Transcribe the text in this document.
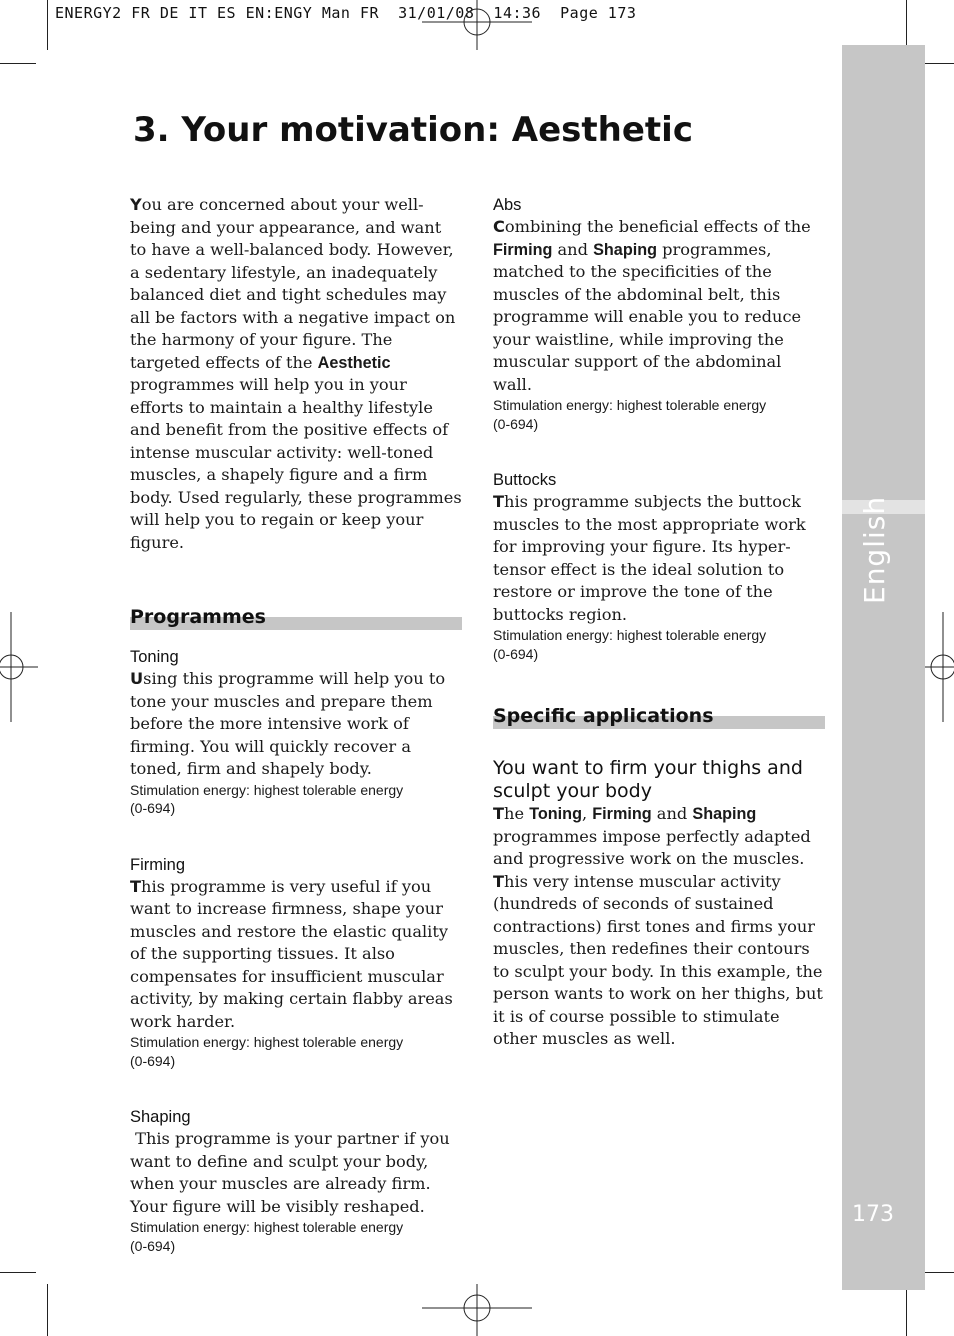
ENERGY2 FR DE IT ES EN:ENGY Man FR  31/01/08  14:36  Page 173
English
173
3. Your motivation: Aesthetic

You are concerned about your well-being and your appearance, and want to have a well-balanced body. However, a sedentary lifestyle, an inadequately balanced diet and tight schedules may all be factors with a negative impact on the harmony of your figure. The targeted effects of the Aesthetic programmes will help you in your efforts to maintain a healthy lifestyle and benefit from the positive effects of intense muscular activity: well-toned muscles, a shapely figure and a firm body. Used regularly, these programmes will help you to regain or keep your figure.

Programmes

Toning

Using this programme will help you to tone your muscles and prepare them before the more intensive work of firming. You will quickly recover a toned, firm and shapely body.

Stimulation energy: highest tolerable energy

(0-694)

Firming

This programme is very useful if you want to increase firmness, shape your muscles and restore the elastic quality of the supporting tissues. It also compensates for insufficient muscular activity, by making certain flabby areas work harder.

Stimulation energy: highest tolerable energy

(0-694)

Shaping

This programme is your partner if you want to define and sculpt your body, when your muscles are already firm. Your figure will be visibly reshaped.

Stimulation energy: highest tolerable energy

(0-694)

Abs

Combining the beneficial effects of the Firming and Shaping programmes, matched to the specificities of the muscles of the abdominal belt, this programme will enable you to reduce your waistline, while improving the muscular support of the abdominal wall.

Stimulation energy: highest tolerable energy

(0-694)

Buttocks

This programme subjects the buttock muscles to the most appropriate work for improving your figure. Its hyper-tensor effect is the ideal solution to restore or improve the tone of the buttocks region.

Stimulation energy: highest tolerable energy

(0-694)

Specific applications

You want to firm your thighs and sculpt your body

The Toning, Firming and Shaping programmes impose perfectly adapted and progressive work on the muscles.

This very intense muscular activity (hundreds of seconds of sustained contractions) first tones and firms your muscles, then redefines their contours to sculpt your body. In this example, the person wants to work on her thighs, but it is of course possible to stimulate other muscles as well.
